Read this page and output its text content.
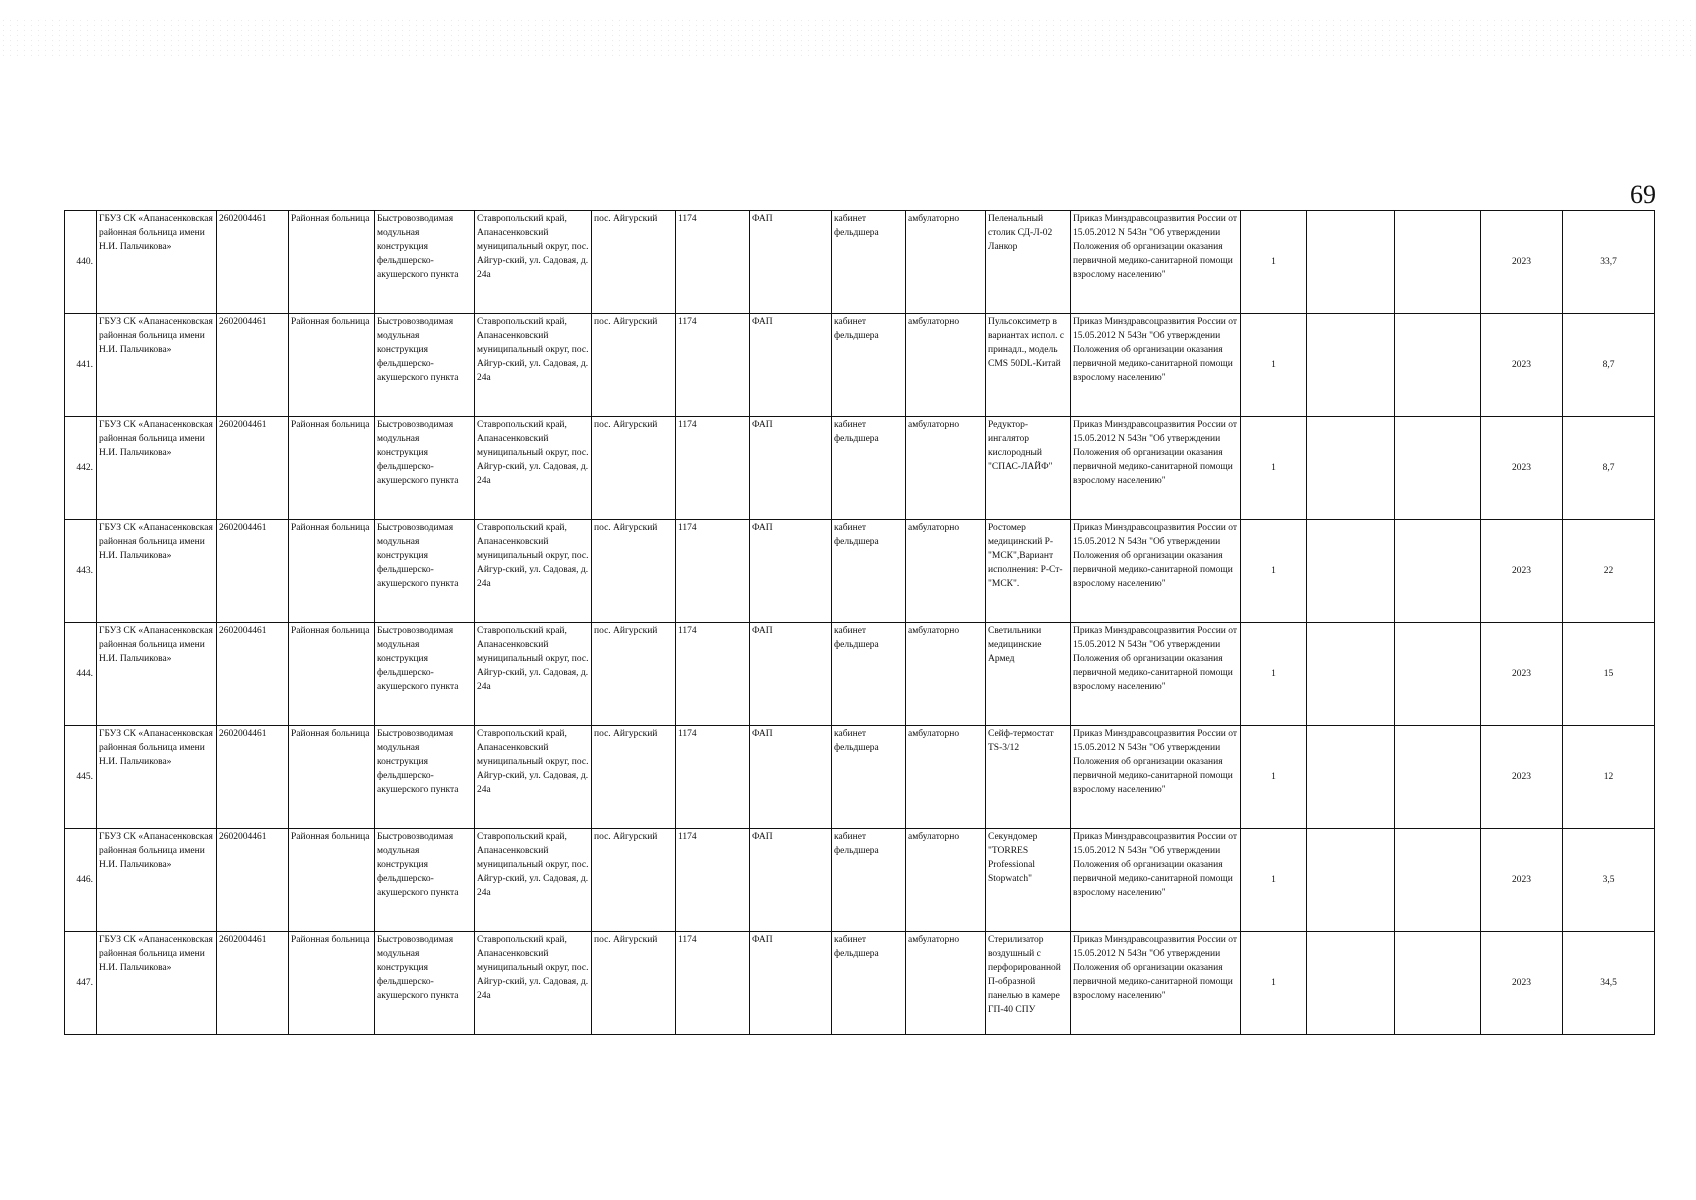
69
440.	ГБУЗ СК «Апанасенковская районная больница имени Н.И. Пальчикова»	2602004461	Районная больница	Быстровозводимая модульная конструкция фельдшерско-акушерского пункта	Ставропольский край, Апанасенковский муниципальный округ, пос. Айгур-ский, ул. Садовая, д. 24а	пос. Айгурский	1174	ФАП	кабинет фельдшера	амбулаторно	Пеленальный столик СД-Л-02 Ланкор	Приказ Минздравсоцразвития России от 15.05.2012 N 543н "Об утверждении Положения об организации оказания первичной медико-санитарной помощи взрослому населению"	1			2023	33,7
441.	ГБУЗ СК «Апанасенковская районная больница имени Н.И. Пальчикова»	2602004461	Районная больница	Быстровозводимая модульная конструкция фельдшерско-акушерского пункта	Ставропольский край, Апанасенковский муниципальный округ, пос. Айгур-ский, ул. Садовая, д. 24а	пос. Айгурский	1174	ФАП	кабинет фельдшера	амбулаторно	Пульсоксиметр в вариантах испол. с принадл., модель CMS 50DL-Китай	Приказ Минздравсоцразвития России от 15.05.2012 N 543н "Об утверждении Положения об организации оказания первичной медико-санитарной помощи взрослому населению"	1			2023	8,7
442.	ГБУЗ СК «Апанасенковская районная больница имени Н.И. Пальчикова»	2602004461	Районная больница	Быстровозводимая модульная конструкция фельдшерско-акушерского пункта	Ставропольский край, Апанасенковский муниципальный округ, пос. Айгур-ский, ул. Садовая, д. 24а	пос. Айгурский	1174	ФАП	кабинет фельдшера	амбулаторно	Редуктор-ингалятор кислородный "СПАС-ЛАЙФ"	Приказ Минздравсоцразвития России от 15.05.2012 N 543н "Об утверждении Положения об организации оказания первичной медико-санитарной помощи взрослому населению"	1			2023	8,7
443.	ГБУЗ СК «Апанасенковская районная больница имени Н.И. Пальчикова»	2602004461	Районная больница	Быстровозводимая модульная конструкция фельдшерско-акушерского пункта	Ставропольский край, Апанасенковский муниципальный округ, пос. Айгур-ский, ул. Садовая, д. 24а	пос. Айгурский	1174	ФАП	кабинет фельдшера	амбулаторно	Ростомер медицинский Р-"МСК",Вариант исполнения: Р-Ст-"МСК".	Приказ Минздравсоцразвития России от 15.05.2012 N 543н "Об утверждении Положения об организации оказания первичной медико-санитарной помощи взрослому населению"	1			2023	22
444.	ГБУЗ СК «Апанасенковская районная больница имени Н.И. Пальчикова»	2602004461	Районная больница	Быстровозводимая модульная конструкция фельдшерско-акушерского пункта	Ставропольский край, Апанасенковский муниципальный округ, пос. Айгур-ский, ул. Садовая, д. 24а	пос. Айгурский	1174	ФАП	кабинет фельдшера	амбулаторно	Светильники медицинские Армед	Приказ Минздравсоцразвития России от 15.05.2012 N 543н "Об утверждении Положения об организации оказания первичной медико-санитарной помощи взрослому населению"	1			2023	15
445.	ГБУЗ СК «Апанасенковская районная больница имени Н.И. Пальчикова»	2602004461	Районная больница	Быстровозводимая модульная конструкция фельдшерско-акушерского пункта	Ставропольский край, Апанасенковский муниципальный округ, пос. Айгур-ский, ул. Садовая, д. 24а	пос. Айгурский	1174	ФАП	кабинет фельдшера	амбулаторно	Сейф-термостат TS-3/12	Приказ Минздравсоцразвития России от 15.05.2012 N 543н "Об утверждении Положения об организации оказания первичной медико-санитарной помощи взрослому населению"	1			2023	12
446.	ГБУЗ СК «Апанасенковская районная больница имени Н.И. Пальчикова»	2602004461	Районная больница	Быстровозводимая модульная конструкция фельдшерско-акушерского пункта	Ставропольский край, Апанасенковский муниципальный округ, пос. Айгур-ский, ул. Садовая, д. 24а	пос. Айгурский	1174	ФАП	кабинет фельдшера	амбулаторно	Секундомер "TORRES Professional Stopwatch"	Приказ Минздравсоцразвития России от 15.05.2012 N 543н "Об утверждении Положения об организации оказания первичной медико-санитарной помощи взрослому населению"	1			2023	3,5
447.	ГБУЗ СК «Апанасенковская районная больница имени Н.И. Пальчикова»	2602004461	Районная больница	Быстровозводимая модульная конструкция фельдшерско-акушерского пункта	Ставропольский край, Апанасенковский муниципальный округ, пос. Айгур-ский, ул. Садовая, д. 24а	пос. Айгурский	1174	ФАП	кабинет фельдшера	амбулаторно	Стерилизатор воздушный с перфорированной П-образной панелью в камере ГП-40 СПУ	Приказ Минздравсоцразвития России от 15.05.2012 N 543н "Об утверждении Положения об организации оказания первичной медико-санитарной помощи взрослому населению"	1			2023	34,5
